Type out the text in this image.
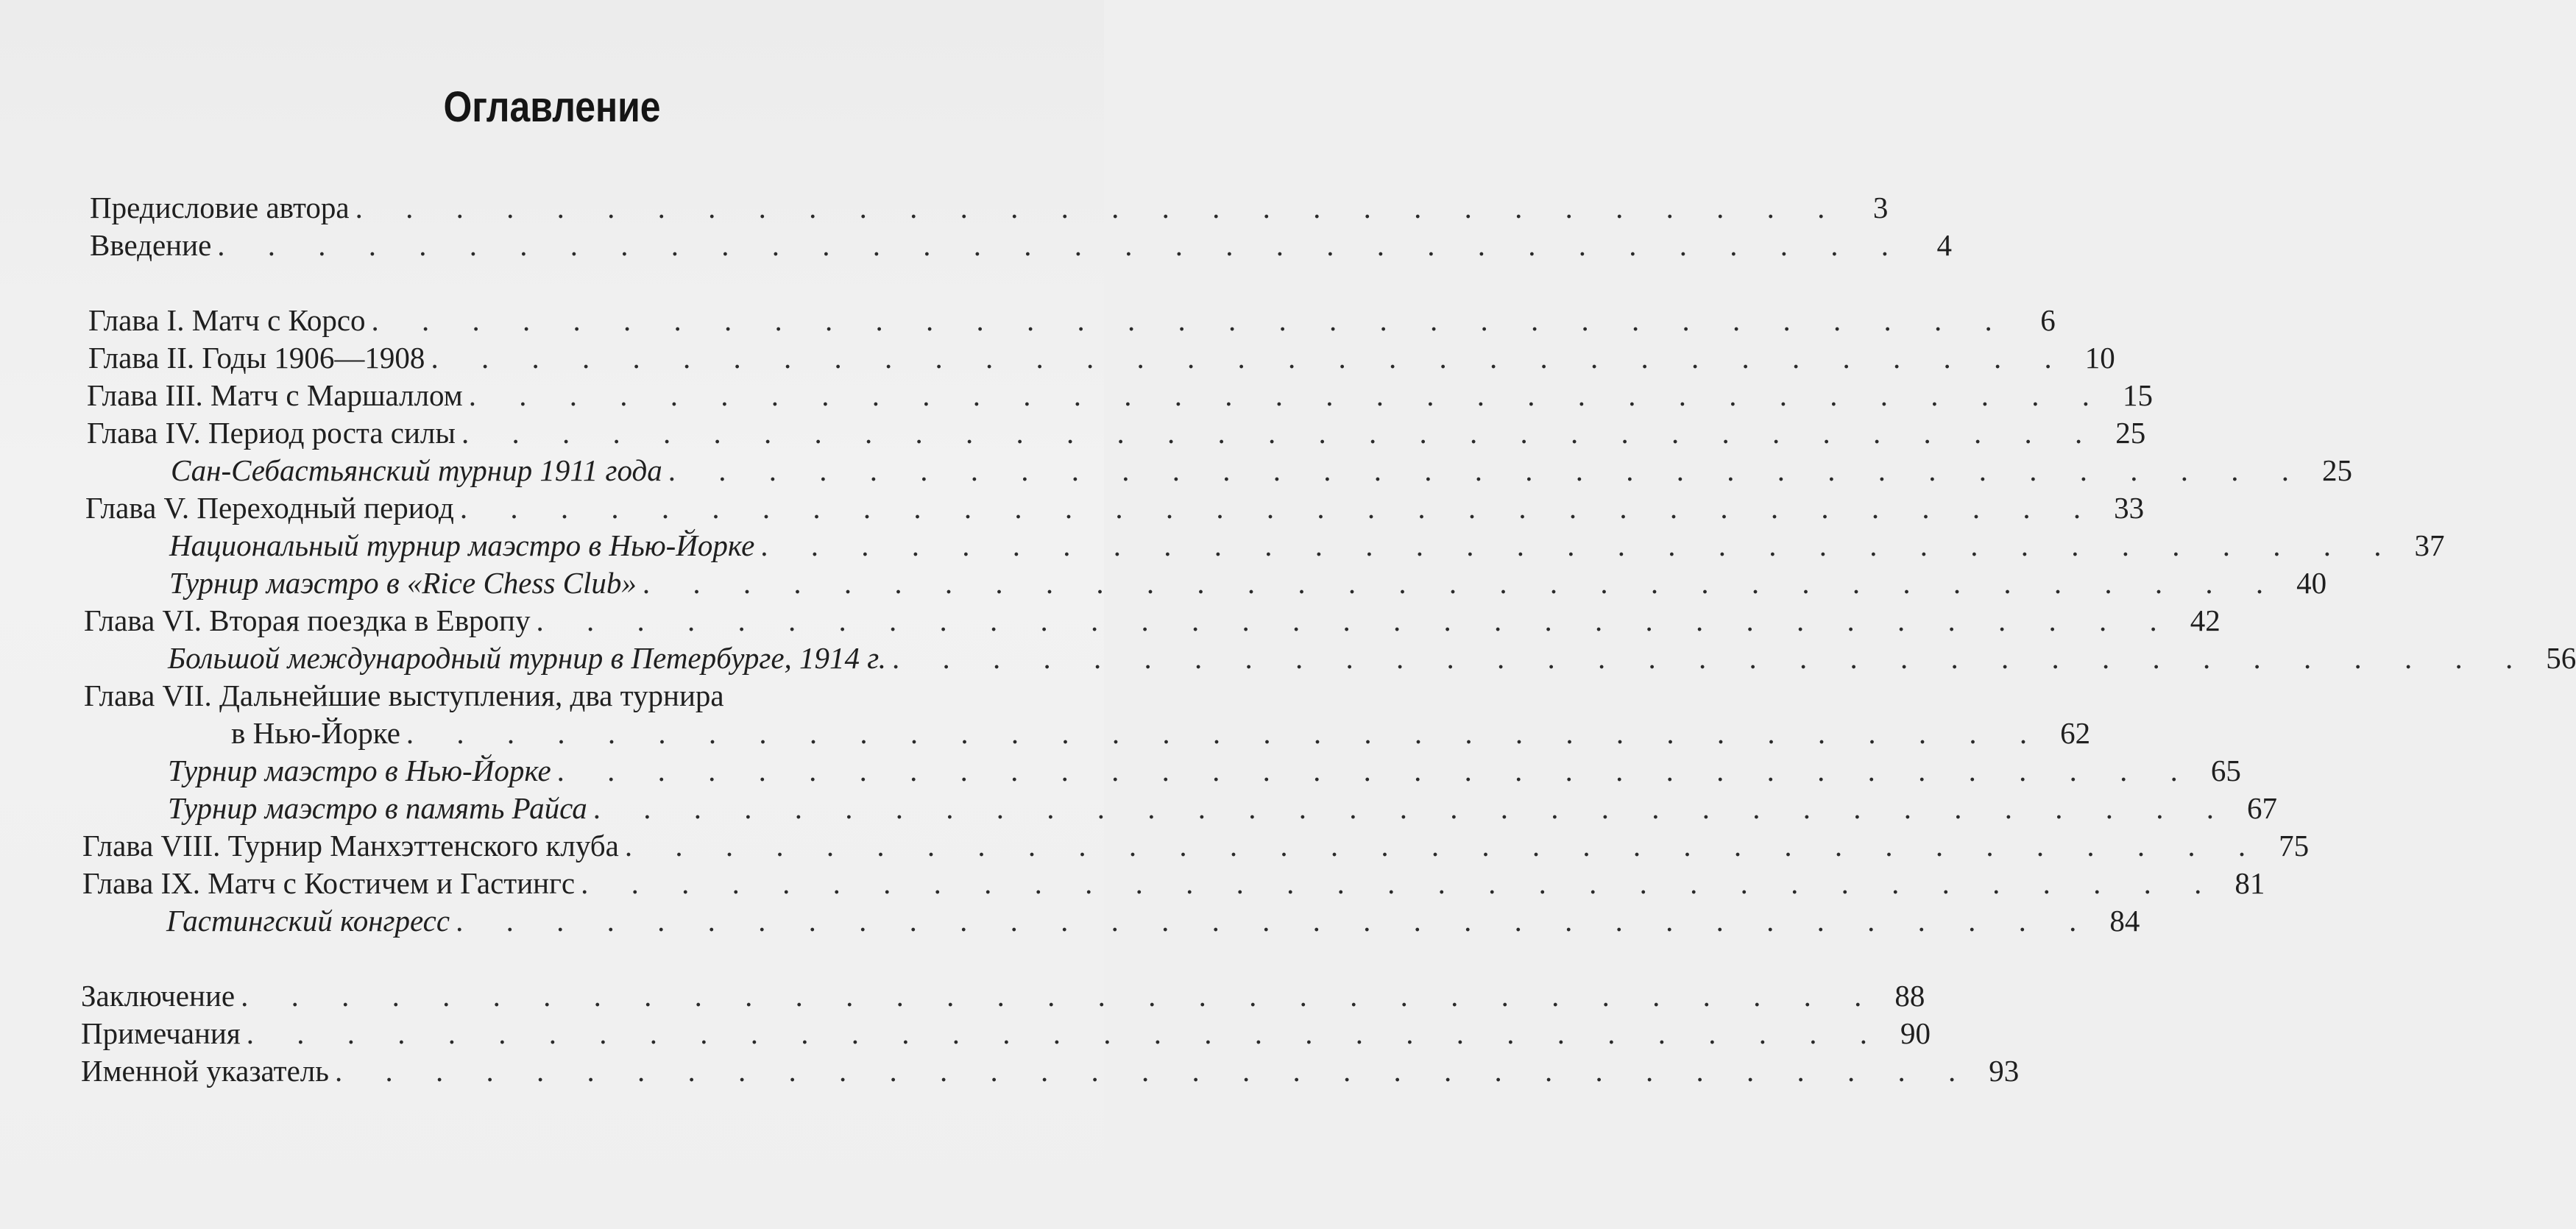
Оглавление
Предисловие автора . . . . . . . . . . . . . . . . . . . . . . . . . . . . . .	3
Введение . . . . . . . . . . . . . . . . . . . . . . . . . . . . . . . . . .	4
Глава I. Матч с Корсо . . . . . . . . . . . . . . . . . . . . . . . . . . . . . . . . .	6
Глава II. Годы 1906—1908 . . . . . . . . . . . . . . . . . . . . . . . . . . . . . . . . . 10
Глава III. Матч с Маршаллом . . . . . . . . . . . . . . . . . . . . . . . . . . . . . . . . . 15
Глава IV. Период роста силы . . . . . . . . . . . . . . . . . . . . . . . . . . . . . . . . . 25
Сан-Себастьянский турнир 1911 года . . . . . . . . . . . . . . . . . . . . . . . . . . . . . . . . . 25
Глава V. Переходный период . . . . . . . . . . . . . . . . . . . . . . . . . . . . . . . . . 33
Национальный турнир маэстро в Нью-Йорке . . . . . . . . . . . . . . . . . . . . . . . . . . . . . . . . . 37
Турнир маэстро в «Rice Chess Club» . . . . . . . . . . . . . . . . . . . . . . . . . . . . . . . . . 40
Глава VI. Вторая поездка в Европу . . . . . . . . . . . . . . . . . . . . . . . . . . . . . . . . . 42
Большой международный турнир в Петербурге, 1914 г. . . . . . . . . . . . . . . . . . . . . . . . . . . . . . . . . . 56
Глава VII. Дальнейшие выступления, два турнира
в Нью-Йорке . . . . . . . . . . . . . . . . . . . . . . . . . . . . . . . . . 62
Турнир маэстро в Нью-Йорке . . . . . . . . . . . . . . . . . . . . . . . . . . . . . . . . . 65
Турнир маэстро в память Райса . . . . . . . . . . . . . . . . . . . . . . . . . . . . . . . . . 67
Глава VIII. Турнир Манхэттенского клуба . . . . . . . . . . . . . . . . . . . . . . . . . . . . . . . . . 75
Глава IX. Матч с Костичем и Гастингс . . . . . . . . . . . . . . . . . . . . . . . . . . . . . . . . . 81
Гастингский конгресс . . . . . . . . . . . . . . . . . . . . . . . . . . . . . . . . . 84
Заключение . . . . . . . . . . . . . . . . . . . . . . . . . . . . . . . . . 88
Примечания . . . . . . . . . . . . . . . . . . . . . . . . . . . . . . . . . 90
Именной указатель . . . . . . . . . . . . . . . . . . . . . . . . . . . . . . . . . 93
